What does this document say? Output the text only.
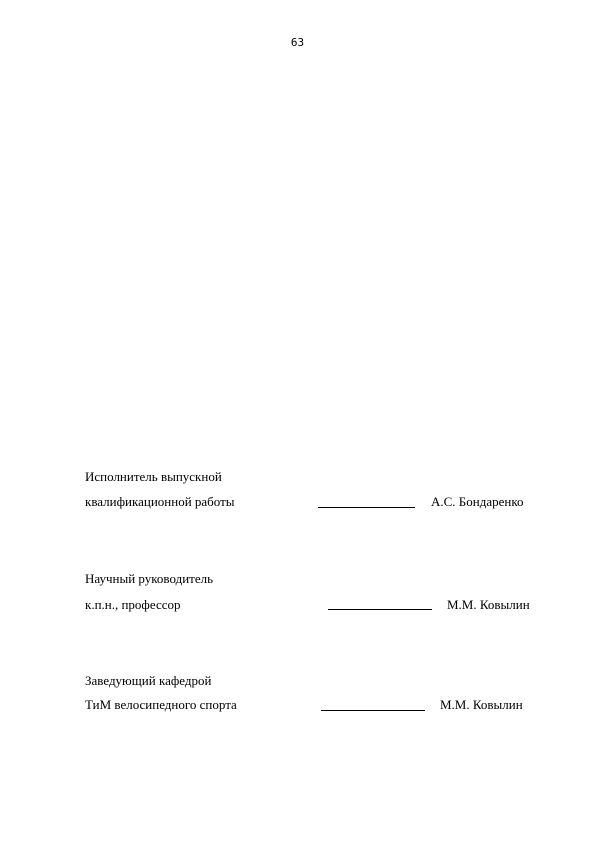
63
Исполнитель выпускной
квалификационной работы	А.С. Бондаренко
Научный руководитель
к.п.н., профессор	М.М. Ковылин
Заведующий кафедрой
ТиМ велосипедного спорта	М.М. Ковылин
